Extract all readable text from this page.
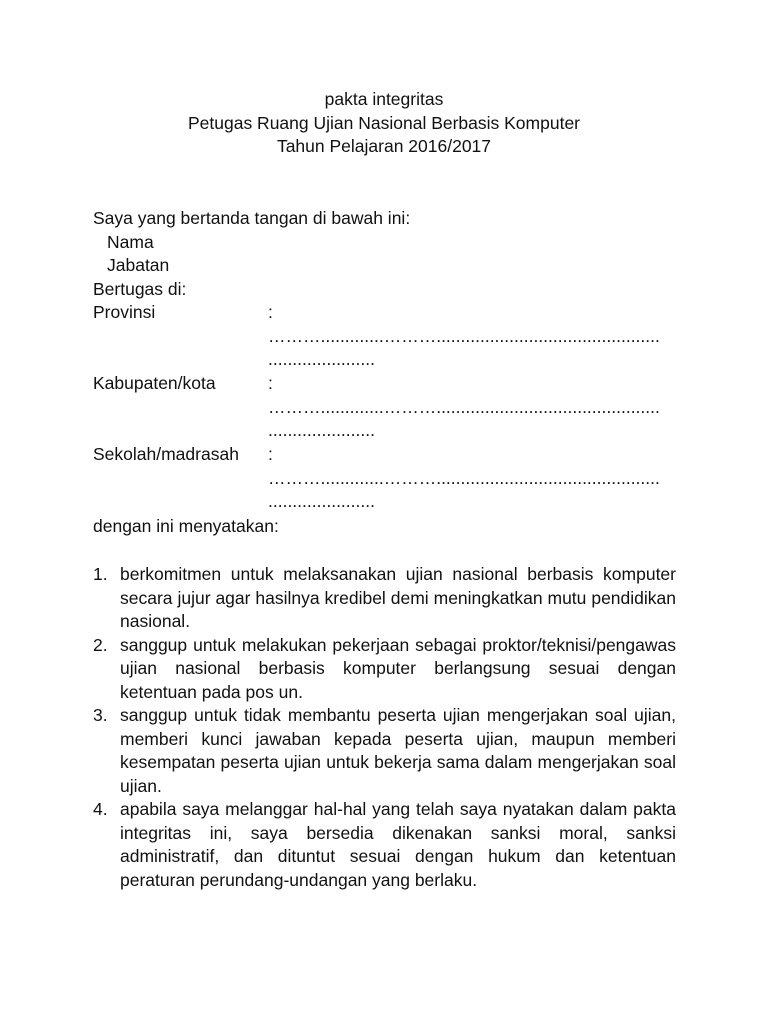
pakta integritas
Petugas Ruang Ujian Nasional Berbasis Komputer
Tahun Pelajaran 2016/2017
Saya yang bertanda tangan di bawah ini:
Nama
Jabatan
Bertugas di:
Provinsi	:
……….............………..............................................
......................
Kabupaten/kota	:
……….............………..............................................
......................
Sekolah/madrasah	:
……….............………..............................................
......................
dengan ini menyatakan:
1. berkomitmen untuk melaksanakan ujian nasional berbasis komputer secara jujur agar hasilnya kredibel demi meningkatkan mutu pendidikan nasional.
2. sanggup untuk melakukan pekerjaan sebagai proktor/teknisi/pengawas ujian nasional berbasis komputer berlangsung sesuai dengan ketentuan pada pos un.
3. sanggup untuk tidak membantu peserta ujian mengerjakan soal ujian, memberi kunci jawaban kepada peserta ujian, maupun memberi kesempatan peserta ujian untuk bekerja sama dalam mengerjakan soal ujian.
4. apabila saya melanggar hal-hal yang telah saya nyatakan dalam pakta integritas ini, saya bersedia dikenakan sanksi moral, sanksi administratif, dan dituntut sesuai dengan hukum dan ketentuan peraturan perundang-undangan yang berlaku.
